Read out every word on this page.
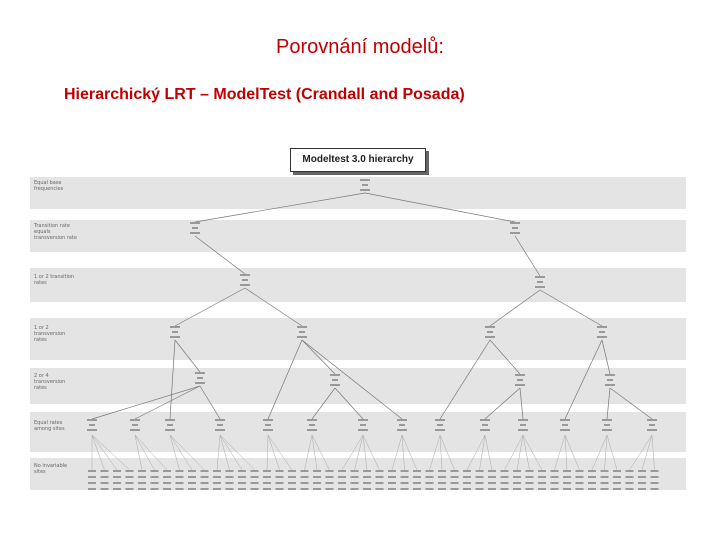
Porovnání modelů:
Hierarchický LRT – ModelTest (Crandall and Posada)
Equal base frequencies
Transition rate equals transversion rate
1 or 2 transition rates
1 or 2 transversion rates
2 or 4 transversion rates
Equal rates among sites
No invariable sites
Modeltest 3.0 hierarchy
